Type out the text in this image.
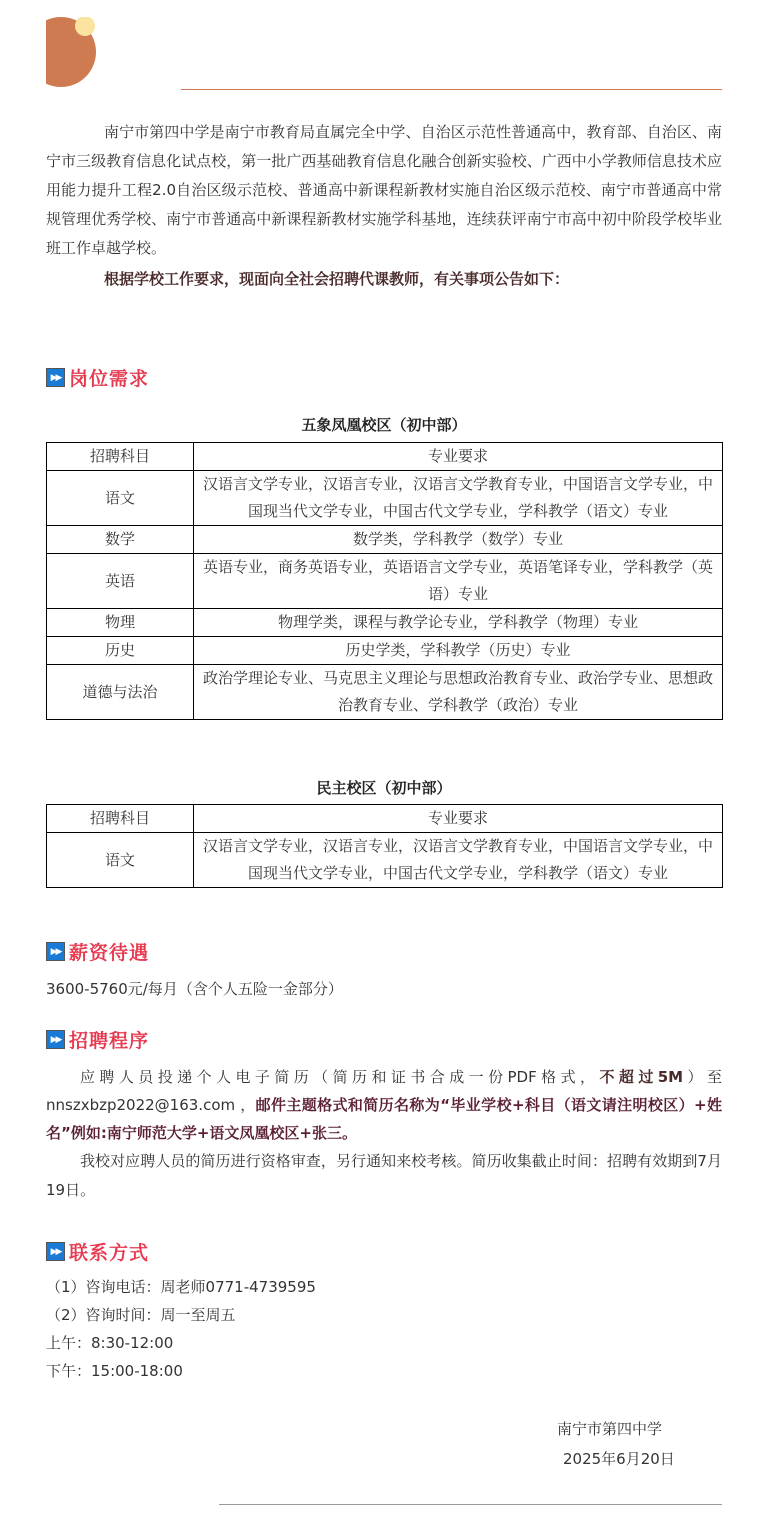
南宁市第四中学是南宁市教育局直属完全中学、自治区示范性普通高中，教育部、自治区、南宁市三级教育信息化试点校，第一批广西基础教育信息化融合创新实验校、广西中小学教师信息技术应用能力提升工程2.0自治区级示范校、普通高中新课程新教材实施自治区级示范校、南宁市普通高中常规管理优秀学校、南宁市普通高中新课程新教材实施学科基地，连续获评南宁市高中初中阶段学校毕业班工作卓越学校。

根据学校工作要求，现面向全社会招聘代课教师，有关事项公告如下：

▶▶ 岗位需求
五象凤凰校区（初中部）
招聘科目	专业要求
语文	汉语言文学专业，汉语言专业，汉语言文学教育专业，中国语言文学专业，中国现当代文学专业，中国古代文学专业，学科教学（语文）专业
数学	数学类，学科教学（数学）专业
英语	英语专业，商务英语专业，英语语言文学专业，英语笔译专业，学科教学（英语）专业
物理	物理学类，课程与教学论专业，学科教学（物理）专业
历史	历史学类，学科教学（历史）专业
道德与法治	政治学理论专业、马克思主义理论与思想政治教育专业、政治学专业、思想政治教育专业、学科教学（政治）专业
民主校区（初中部）
招聘科目	专业要求
语文	汉语言文学专业，汉语言专业，汉语言文学教育专业，中国语言文学专业，中国现当代文学专业，中国古代文学专业，学科教学（语文）专业
▶▶ 薪资待遇

3600-5760元/每月（含个人五险一金部分）

▶▶ 招聘程序

应聘人员投递个人电子简历（简历和证书合成一份PDF格式，不超过5M）至nnszxbzp2022@163.com ，邮件主题格式和简历名称为“毕业学校+科目（语文请注明校区）+姓名”例如:南宁师范大学+语文凤凰校区+张三。

我校对应聘人员的简历进行资格审查，另行通知来校考核。简历收集截止时间：招聘有效期到7月19日。

▶▶ 联系方式

（1）咨询电话：周老师0771-4739595

（2）咨询时间：周一至周五

上午：8:30-12:00

下午：15:00-18:00

南宁市第四中学
2025年6月20日
